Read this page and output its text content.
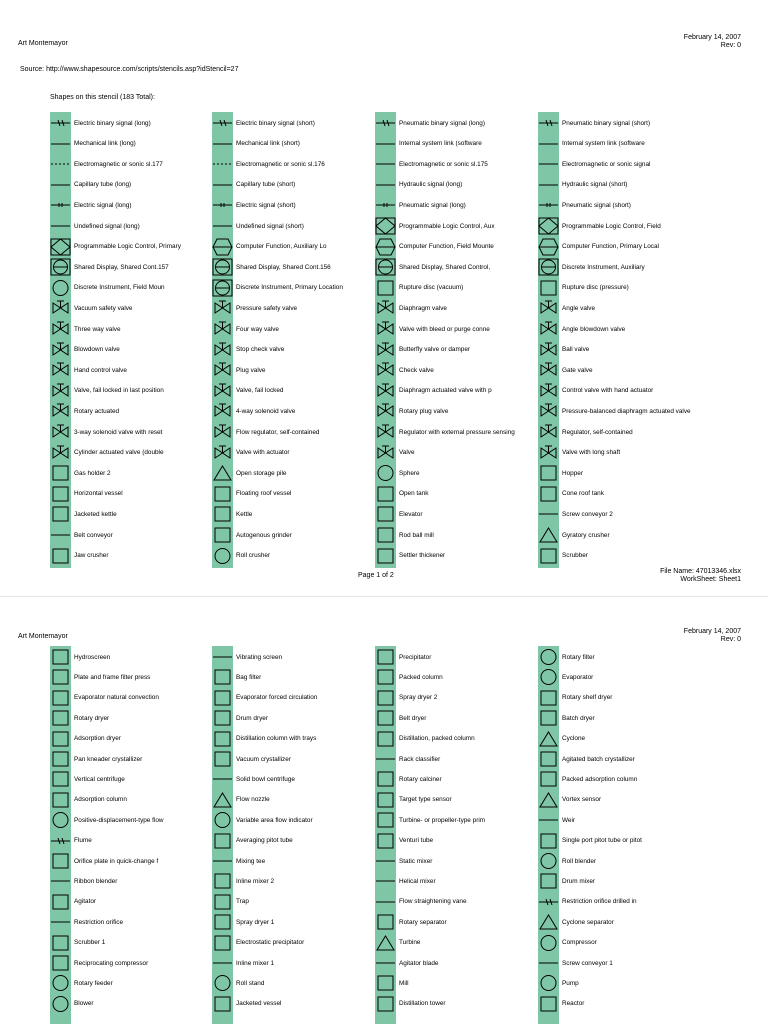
Art Montemayor
February 14, 2007
Rev: 0
Source: http://www.shapesource.com/scripts/stencils.asp?idStencil=27
Shapes on this stencil (183 Total):
Electric binary signal (long)
Mechanical link (long)
Electromagnetic or sonic sl.177
Capillary tube (long)
Electric signal (long)
Undefined signal (long)
Programmable Logic Control, Primary
Shared Display, Shared Cont.157
Discrete Instrument, Field Moun
Vacuum safety valve
Three way valve
Blowdown valve
Hand control valve
Valve, fail locked in last position
Rotary actuated
3-way solenoid valve with reset
Cylinder actuated valve (double
Gas holder 2
Horizontal vessel
Jacketed kettle
Belt conveyor
Jaw crusher
Electric binary signal (short)
Mechanical link (short)
Electromagnetic or sonic sl.176
Capillary tube (short)
Electric signal (short)
Undefined signal (short)
Computer Function, Auxiliary Lo
Shared Display, Shared Cont.156
Discrete Instrument, Primary Location
Pressure safety valve
Four way valve
Stop check valve
Plug valve
Valve, fail locked
4-way solenoid valve
Flow regulator, self-contained
Valve with actuator
Open storage pile
Floating roof vessel
Kettle
Autogenous grinder
Roll crusher
Pneumatic binary signal (long)
Internal system link (software
Electromagnetic or sonic sl.175
Hydraulic signal (long)
Pneumatic signal (long)
Programmable Logic Control, Aux
Computer Function, Field Mounte
Shared Display, Shared Control,
Rupture disc (vacuum)
Diaphragm valve
Valve with bleed or purge conne
Butterfly valve or damper
Check valve
Diaphragm actuated valve with p
Rotary plug valve
Regulator with external pressure sensing
Valve
Sphere
Open tank
Elevator
Rod ball mill
Settler thickener
Pneumatic binary signal (short)
Internal system link (software
Electromagnetic or sonic signal
Hydraulic signal (short)
Pneumatic signal (short)
Programmable Logic Control, Field
Computer Function, Primary Local
Discrete Instrument, Auxiliary
Rupture disc (pressure)
Angle valve
Angle blowdown valve
Ball valve
Gate valve
Control valve with hand actuator
Pressure-balanced diaphragm actuated valve
Regulator, self-contained
Valve with long shaft
Hopper
Cone roof tank
Screw conveyor 2
Gyratory crusher
Scrubber
Page 1 of 2
File Name: 47013346.xlsx
WorkSheet: Sheet1
Art Montemayor
February 14, 2007
Rev: 0
Hydroscreen
Plate and frame filter press
Evaporator natural convection
Rotary dryer
Adsorption dryer
Pan kneader crystallizer
Vertical centrifuge
Adsorption column
Positive-displacement-type flow
Flume
Orifice plate in quick-change f
Ribbon blender
Agitator
Restriction orifice
Scrubber 1
Reciprocating compressor
Rotary feeder
Blower
Vibrating screen
Bag filter
Evaporator forced circulation
Drum dryer
Distillation column with trays
Vacuum crystallizer
Solid bowl centrifuge
Flow nozzle
Variable area flow indicator
Averaging pitot tube
Mixing tee
Inline mixer 2
Trap
Spray dryer 1
Electrostatic precipitator
Inline mixer 1
Roll stand
Jacketed vessel
Precipitator
Packed column
Spray dryer 2
Belt dryer
Distillation, packed column
Rack classifier
Rotary calciner
Target type sensor
Turbine- or propeller-type prim
Venturi tube
Static mixer
Helical mixer
Flow straightening vane
Rotary separator
Turbine
Agitator blade
Mill
Distillation tower
Rotary filter
Evaporator
Rotary shelf dryer
Batch dryer
Cyclone
Agitated batch crystallizer
Packed adsorption column
Vortex sensor
Weir
Single port pitot tube or pitot
Roll blender
Drum mixer
Restriction orifice drilled in
Cyclone separator
Compressor
Screw conveyor 1
Pump
Reactor
